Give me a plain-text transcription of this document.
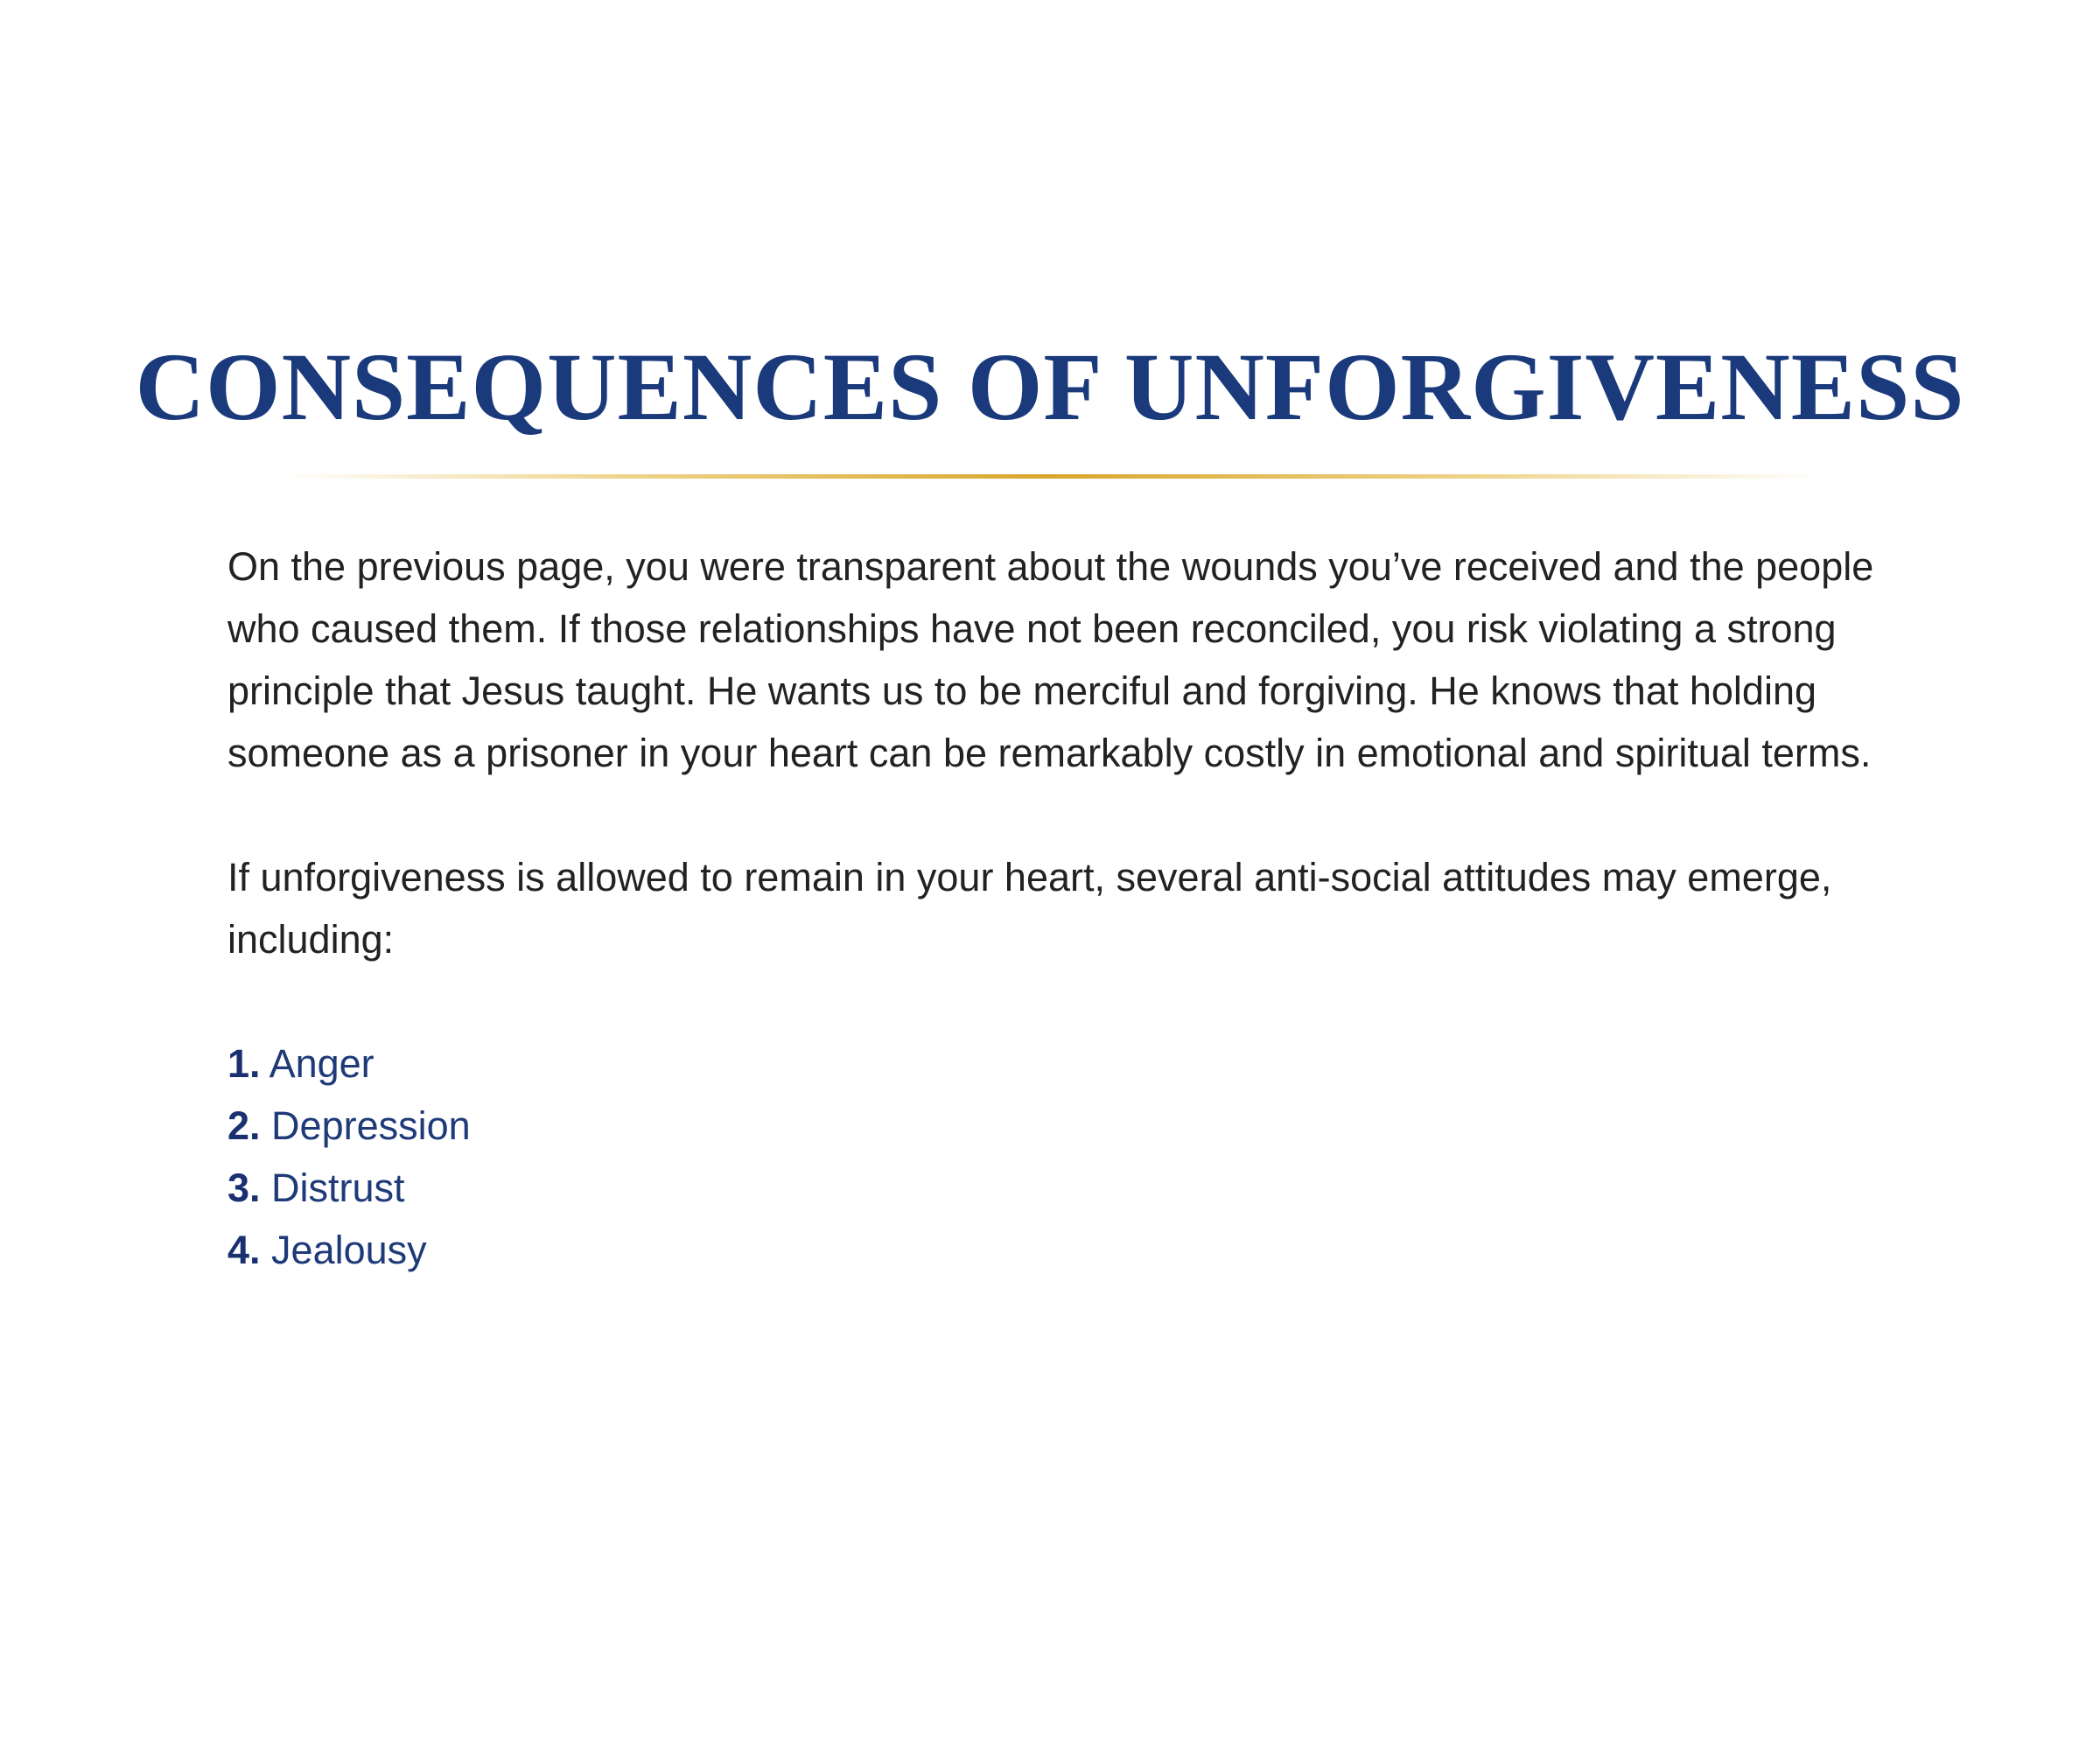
CONSEQUENCES OF UNFORGIVENESS

On the previous page, you were transparent about the wounds you’ve received and the people who caused them. If those relationships have not been reconciled, you risk violating a strong principle that Jesus taught. He wants us to be merciful and forgiving. He knows that holding someone as a prisoner in your heart can be remarkably costly in emotional and spiritual terms.

If unforgiveness is allowed to remain in your heart, several anti-social attitudes may emerge, including:

1. Anger
2. Depression
3. Distrust
4. Jealousy
